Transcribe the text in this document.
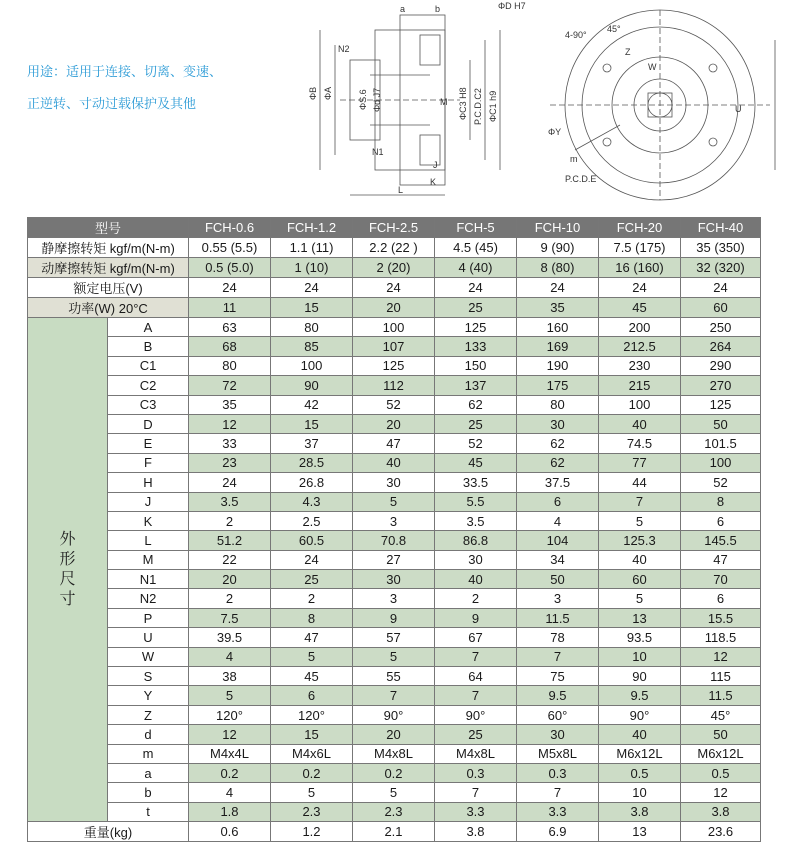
用途：适用于连接、切离、变速、
正逆转、寸动过载保护及其他
a	b	ΦD H7
N2
ΦB ΦA	ΦS.6 Φd J7	ΦC3 H8 P.C.D.C2 ΦC1 h9
N1
M
L
K
J
4-90°
45°
W
m
P.C.D.E
ΦY
Z
U
型号		FCH-0.6	FCH-1.2	FCH-2.5	FCH-5	FCH-10	FCH-20	FCH-40
静摩擦转矩 kgf/m(N-m)		0.55 (5.5)	1.1 (11)	2.2 (22 )	4.5 (45)	9 (90)	7.5 (175)	35 (350)
动摩擦转矩 kgf/m(N-m)		0.5 (5.0)	1 (10)	2 (20)	4 (40)	8 (80)	16 (160)	32 (320)
额定电压(V)		24	24	24	24	24	24	24
功率(W) 20°C		11	15	20	25	35	45	60

外形尺寸	A	63	80	100	125	160	200	250
	B	68	85	107	133	169	212.5	264
	C1	80	100	125	150	190	230	290
	C2	72	90	112	137	175	215	270
	C3	35	42	52	62	80	100	125
	D	12	15	20	25	30	40	50
	E	33	37	47	52	62	74.5	101.5
	F	23	28.5	40	45	62	77	100
	H	24	26.8	30	33.5	37.5	44	52
	J	3.5	4.3	5	5.5	6	7	8
	K	2	2.5	3	3.5	4	5	6
	L	51.2	60.5	70.8	86.8	104	125.3	145.5
	M	22	24	27	30	34	40	47
	N1	20	25	30	40	50	60	70
	N2	2	2	3	2	3	5	6
	P	7.5	8	9	9	11.5	13	15.5
	U	39.5	47	57	67	78	93.5	118.5
	W	4	5	5	7	7	10	12
	S	38	45	55	64	75	90	115
	Y	5	6	7	7	9.5	9.5	11.5
	Z	120°	120°	90°	90°	60°	90°	45°
	d	12	15	20	25	30	40	50
	m	M4x4L	M4x6L	M4x8L	M4x8L	M5x8L	M6x12L	M6x12L
	a	0.2	0.2	0.2	0.3	0.3	0.5	0.5
	b	4	5	5	7	7	10	12
	t	1.8	2.3	2.3	3.3	3.3	3.8	3.8
重量(kg)		0.6	1.2	2.1	3.8	6.9	13	23.6
